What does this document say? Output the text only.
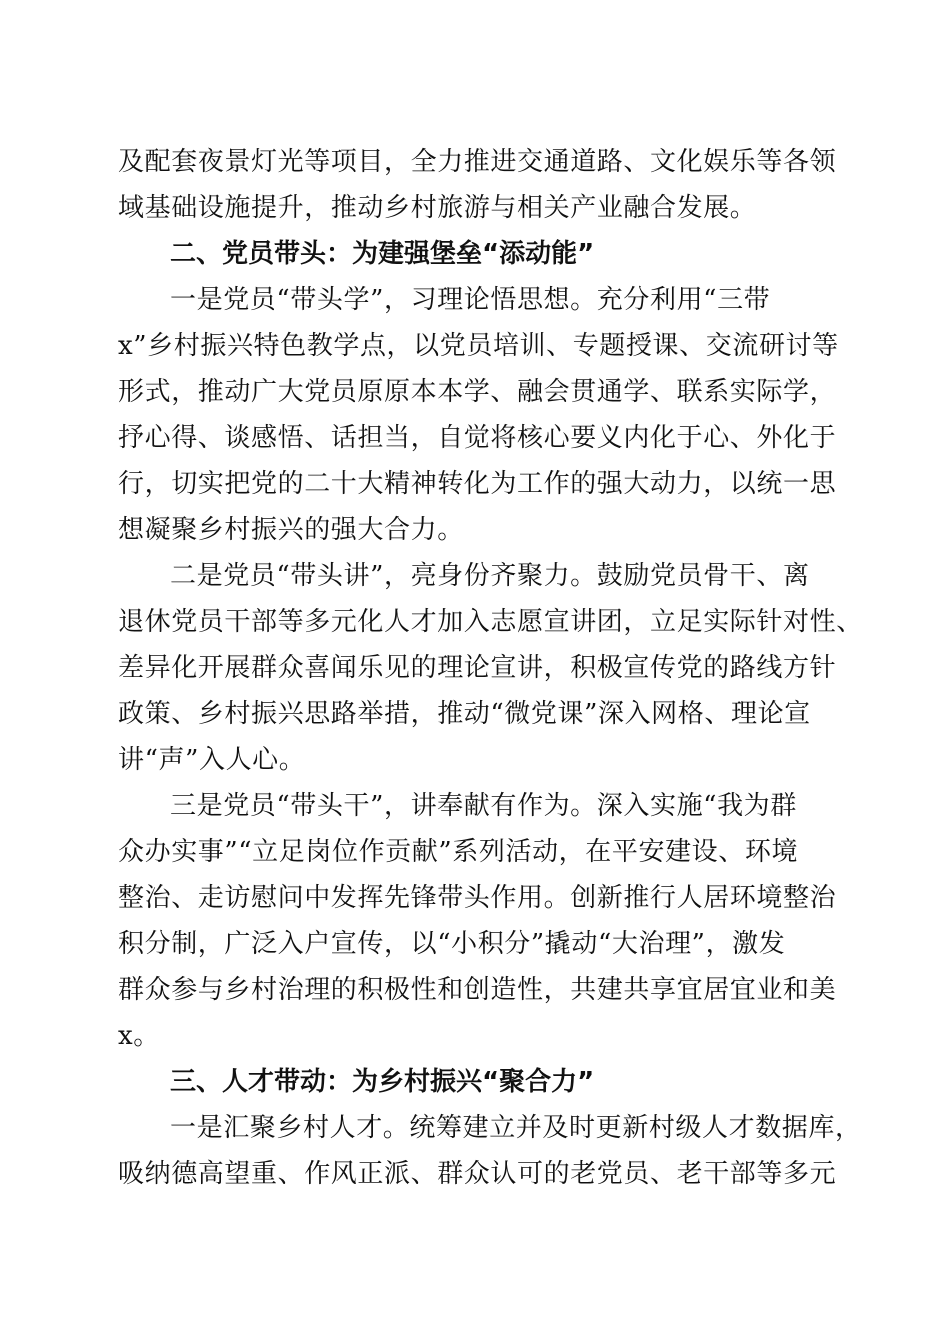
及配套夜景灯光等项目，全力推进交通道路、文化娱乐等各领
域基础设施提升，推动乡村旅游与相关产业融合发展。
二、党员带头：为建强堡垒“添动能”
一是党员“带头学”，习理论悟思想。充分利用“三带
x”乡村振兴特色教学点，以党员培训、专题授课、交流研讨等
形式，推动广大党员原原本本学、融会贯通学、联系实际学，
抒心得、谈感悟、话担当，自觉将核心要义内化于心、外化于
行，切实把党的二十大精神转化为工作的强大动力，以统一思
想凝聚乡村振兴的强大合力。
二是党员“带头讲”，亮身份齐聚力。鼓励党员骨干、离
退休党员干部等多元化人才加入志愿宣讲团，立足实际针对性、
差异化开展群众喜闻乐见的理论宣讲，积极宣传党的路线方针
政策、乡村振兴思路举措，推动“微党课”深入网格、理论宣
讲“声”入人心。
三是党员“带头干”，讲奉献有作为。深入实施“我为群
众办实事”“立足岗位作贡献”系列活动，在平安建设、环境
整治、走访慰问中发挥先锋带头作用。创新推行人居环境整治
积分制，广泛入户宣传，以“小积分”撬动“大治理”，激发
群众参与乡村治理的积极性和创造性，共建共享宜居宜业和美
x。
三、人才带动：为乡村振兴“聚合力”
一是汇聚乡村人才。统筹建立并及时更新村级人才数据库，
吸纳德高望重、作风正派、群众认可的老党员、老干部等多元
